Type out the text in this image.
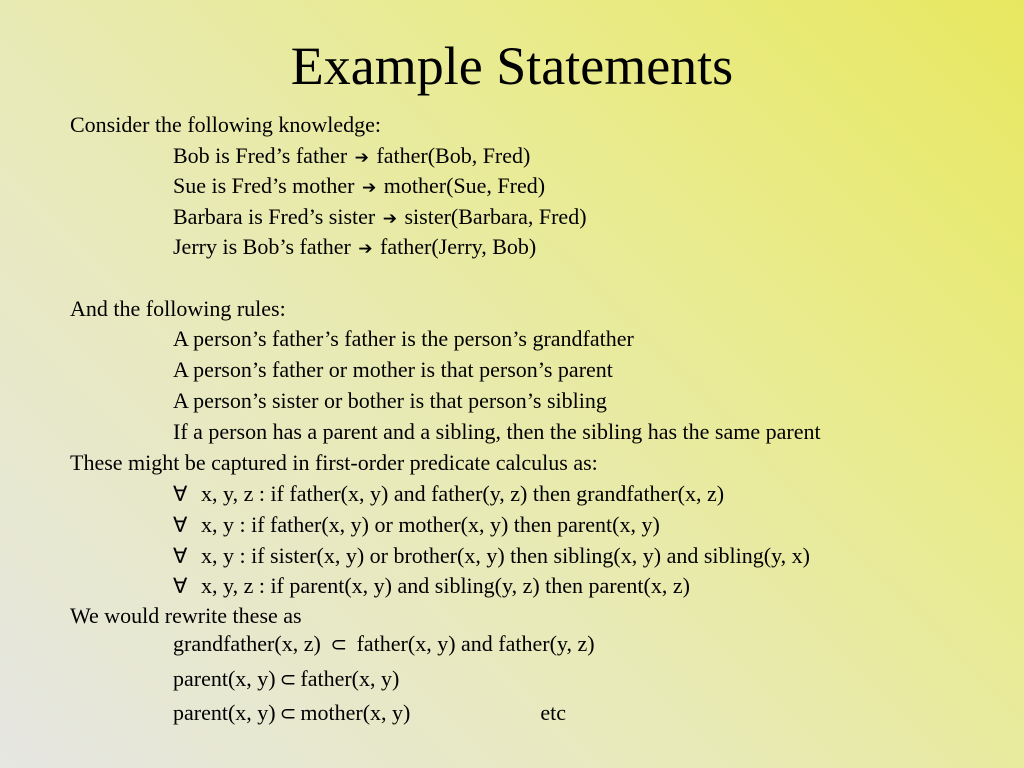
Example Statements
Consider the following knowledge:
Bob is Fred’s father ➔ father(Bob, Fred)
Sue is Fred’s mother ➔ mother(Sue, Fred)
Barbara is Fred’s sister ➔ sister(Barbara, Fred)
Jerry is Bob’s father ➔ father(Jerry, Bob)
And the following rules:
A person’s father’s father is the person’s grandfather
A person’s father or mother is that person’s parent
A person’s sister or bother is that person’s sibling
If a person has a parent and a sibling, then the sibling has the same parent
These might be captured in first-order predicate calculus as:
∀ x, y, z : if father(x, y) and father(y, z) then grandfather(x, z)
∀ x, y : if father(x, y) or mother(x, y) then parent(x, y)
∀ x, y : if sister(x, y) or brother(x, y) then sibling(x, y) and sibling(y, x)
∀ x, y, z : if parent(x, y) and sibling(y, z) then parent(x, z)
We would rewrite these as
grandfather(x, z) ⊂ father(x, y) and father(y, z)
parent(x, y) ⊂ father(x, y)
parent(x, y) ⊂ mother(x, y)	etc
